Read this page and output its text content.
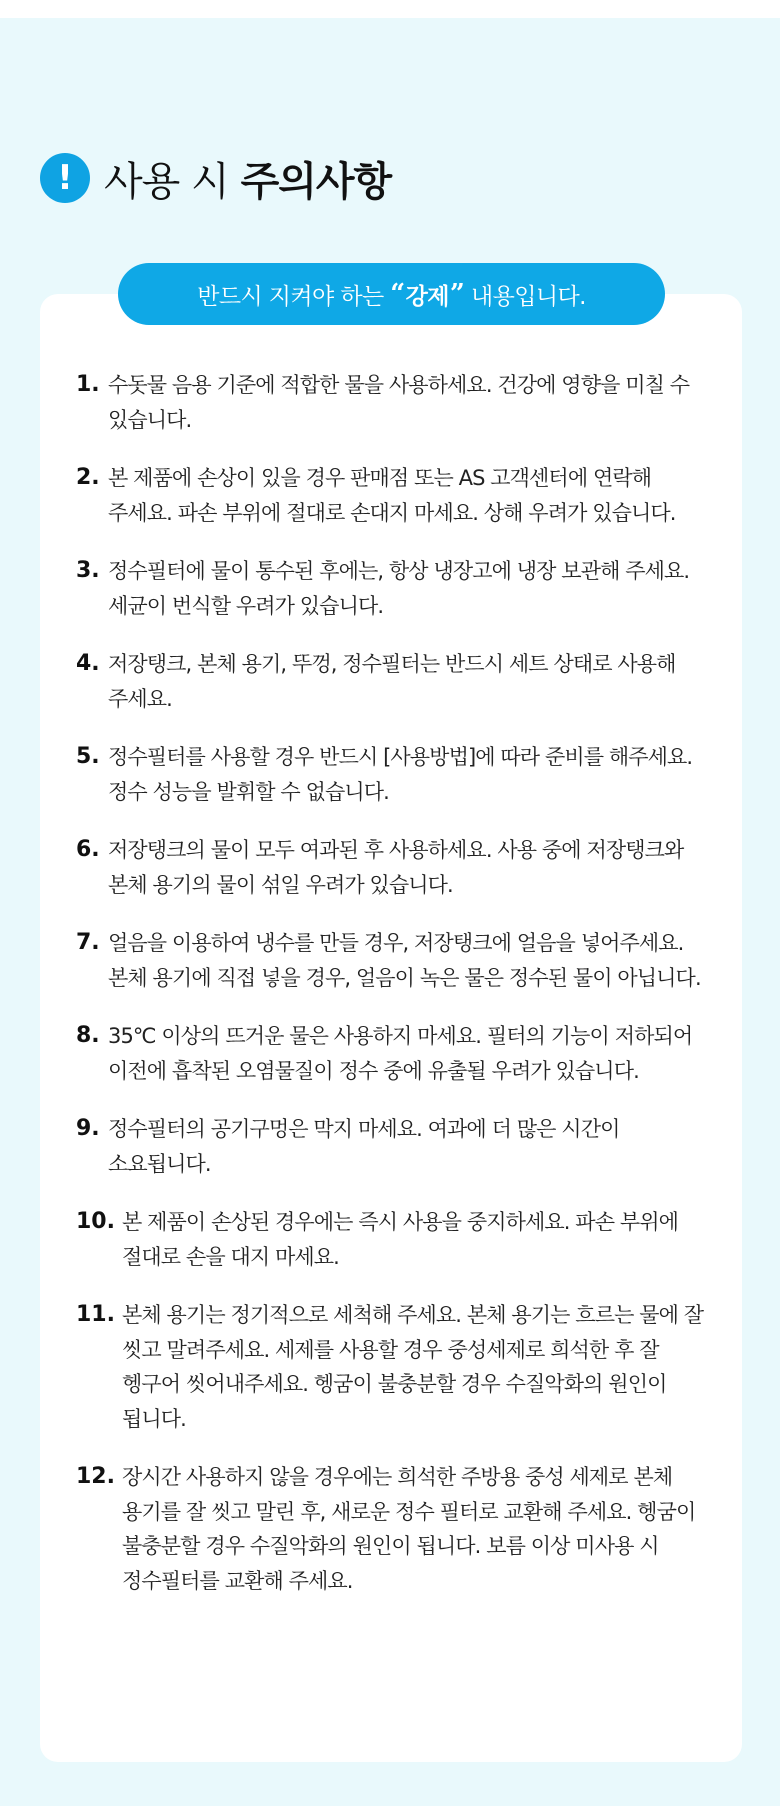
! 사용 시 주의사항
반드시 지켜야 하는
“ 강제 ”
내용입니다.
1. 수돗물 음용 기준에 적합한 물을 사용하세요. 건강에 영향을 미칠 수 있습니다.
2. 본 제품에 손상이 있을 경우 판매점 또는 AS 고객센터에 연락해 주세요. 파손 부위에 절대로 손대지 마세요. 상해 우려가 있습니다.
3. 정수필터에 물이 통수된 후에는, 항상 냉장고에 냉장 보관해 주세요. 세균이 번식할 우려가 있습니다.
4. 저장탱크, 본체 용기, 뚜껑, 정수필터는 반드시 세트 상태로 사용해 주세요.
5. 정수필터를 사용할 경우 반드시 [사용방법]에 따라 준비를 해주세요. 정수 성능을 발휘할 수 없습니다.
6. 저장탱크의 물이 모두 여과된 후 사용하세요. 사용 중에 저장탱크와 본체 용기의 물이 섞일 우려가 있습니다.
7. 얼음을 이용하여 냉수를 만들 경우, 저장탱크에 얼음을 넣어주세요. 본체 용기에 직접 넣을 경우, 얼음이 녹은 물은 정수된 물이 아닙니다.
8. 35℃ 이상의 뜨거운 물은 사용하지 마세요. 필터의 기능이 저하되어 이전에 흡착된 오염물질이 정수 중에 유출될 우려가 있습니다.
9. 정수필터의 공기구멍은 막지 마세요. 여과에 더 많은 시간이 소요됩니다.
10. 본 제품이 손상된 경우에는 즉시 사용을 중지하세요. 파손 부위에 절대로 손을 대지 마세요.
11. 본체 용기는 정기적으로 세척해 주세요. 본체 용기는 흐르는 물에 잘 씻고 말려주세요. 세제를 사용할 경우 중성세제로 희석한 후 잘 헹구어 씻어내주세요. 헹굼이 불충분할 경우 수질악화의 원인이 됩니다.
12. 장시간 사용하지 않을 경우에는 희석한 주방용 중성 세제로 본체 용기를 잘 씻고 말린 후, 새로운 정수 필터로 교환해 주세요. 헹굼이 불충분할 경우 수질악화의 원인이 됩니다. 보름 이상 미사용 시 정수필터를 교환해 주세요.
